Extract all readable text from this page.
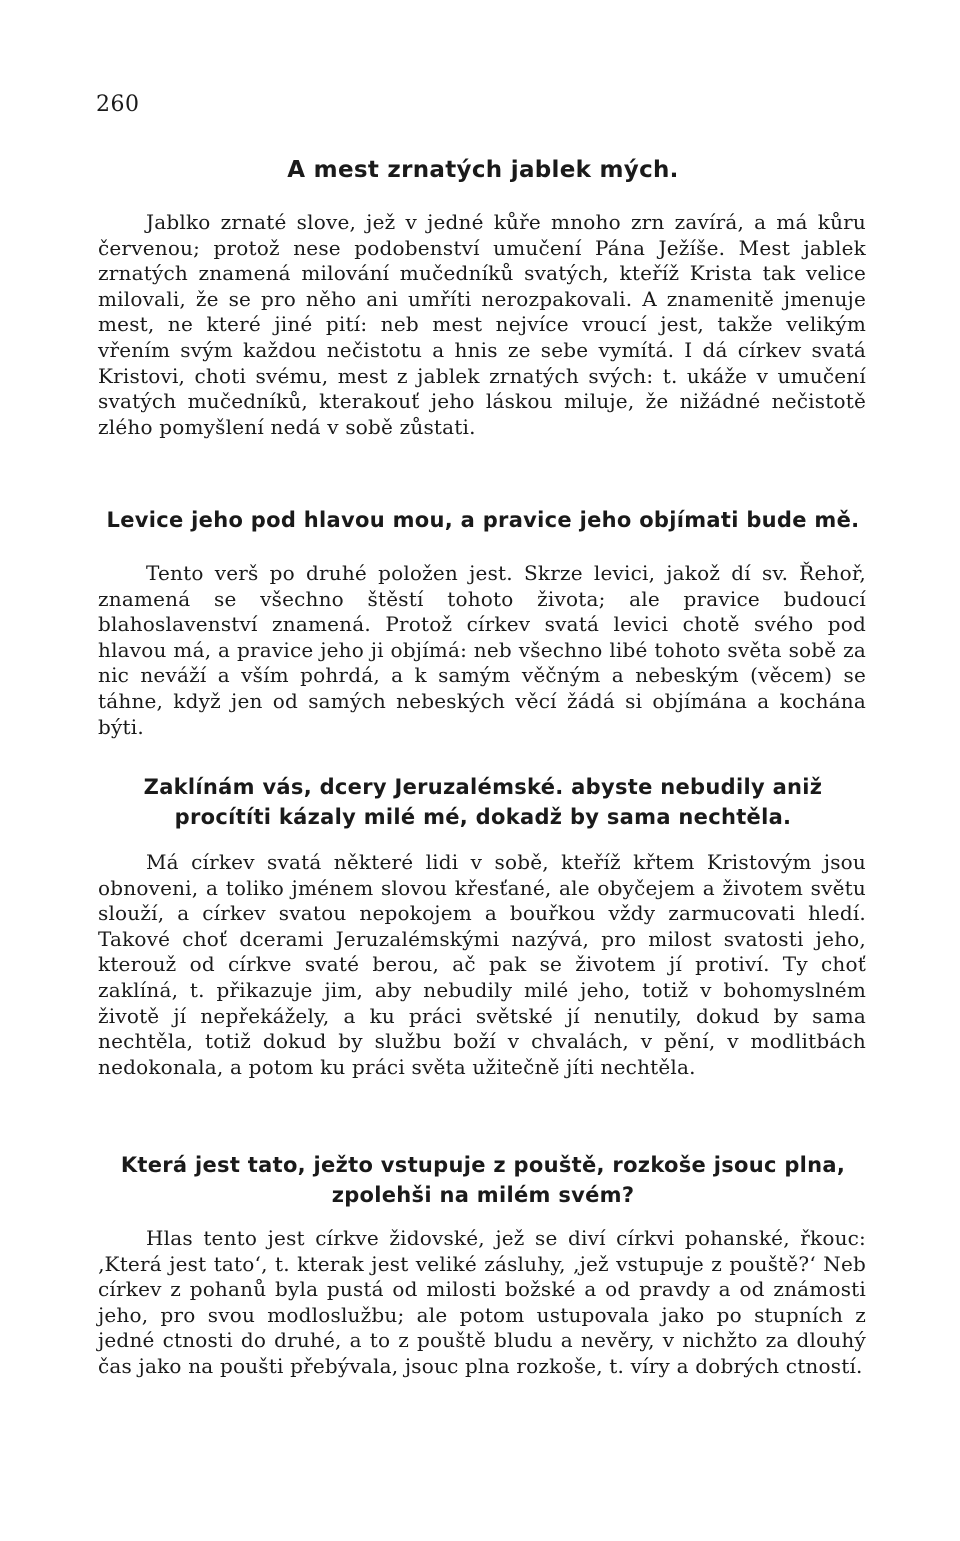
260
A mest zrnatých jablek mých.

Jablko zrnaté slove, jež v jedné kůře mnoho zrn zavírá, a má kůru červenou; protož nese podobenství umučení Pána Ježíše. Mest jablek zrnatých znamená milování mučedníků svatých, kteříž Krista tak velice milovali, že se pro něho ani umříti nerozpakovali. A znamenitě jmenuje mest, ne které jiné pití: neb mest nejvíce vroucí jest, takže velikým vřením svým každou nečistotu a hnis ze sebe vymítá. I dá církev svatá Kristovi, choti svému, mest z jablek zrnatých svých: t. ukáže v umučení svatých mučedníků, kterakouť jeho láskou miluje, že nižádné nečistotě zlého pomyšlení nedá v sobě zůstati.

Levice jeho pod hlavou mou, a pravice jeho objímati bude mě.

Tento verš po druhé položen jest. Skrze levici, jakož dí sv. Řehoř, znamená se všechno štěstí tohoto života; ale pravice budoucí blahoslavenství znamená. Protož církev svatá levici chotě svého pod hlavou má, a pravice jeho ji objímá: neb všechno libé tohoto světa sobě za nic neváží a vším pohrdá, a k samým věčným a nebeským (věcem) se táhne, když jen od samých nebeských věcí žádá si objímána a kochána býti.

Zaklínám vás, dcery Jeruzalémské. abyste nebudily aniž procítíti kázaly milé mé, dokadž by sama nechtěla.

Má církev svatá některé lidi v sobě, kteříž křtem Kristovým jsou obnoveni, a toliko jménem slovou křesťané, ale obyčejem a životem světu slouží, a církev svatou nepokojem a bouřkou vždy zarmucovati hledí. Takové choť dcerami Jeruzalémskými nazývá, pro milost svatosti jeho, kterouž od církve svaté berou, ač pak se životem jí protiví. Ty choť zaklíná, t. přikazuje jim, aby nebudily milé jeho, totiž v bohomyslném životě jí nepřekážely, a ku práci světské jí nenutily, dokud by sama nechtěla, totiž dokud by službu boží v chvalách, v pění, v modlitbách nedokonala, a potom ku práci světa užitečně jíti nechtěla.

Která jest tato, ježto vstupuje z pouště, rozkoše jsouc plna, zpolehši na milém svém?

Hlas tento jest církve židovské, jež se diví církvi pohanské, řkouc: ‚Která jest tato‘, t. kterak jest veliké zásluhy, ‚jež vstupuje z pouště?‘ Neb církev z pohanů byla pustá od milosti božské a od pravdy a od známosti jeho, pro svou modloslužbu; ale potom ustupovala jako po stupních z jedné ctnosti do druhé, a to z pouště bludu a nevěry, v nichžto za dlouhý čas jako na poušti přebývala, jsouc plna rozkoše, t. víry a dobrých ctností.
